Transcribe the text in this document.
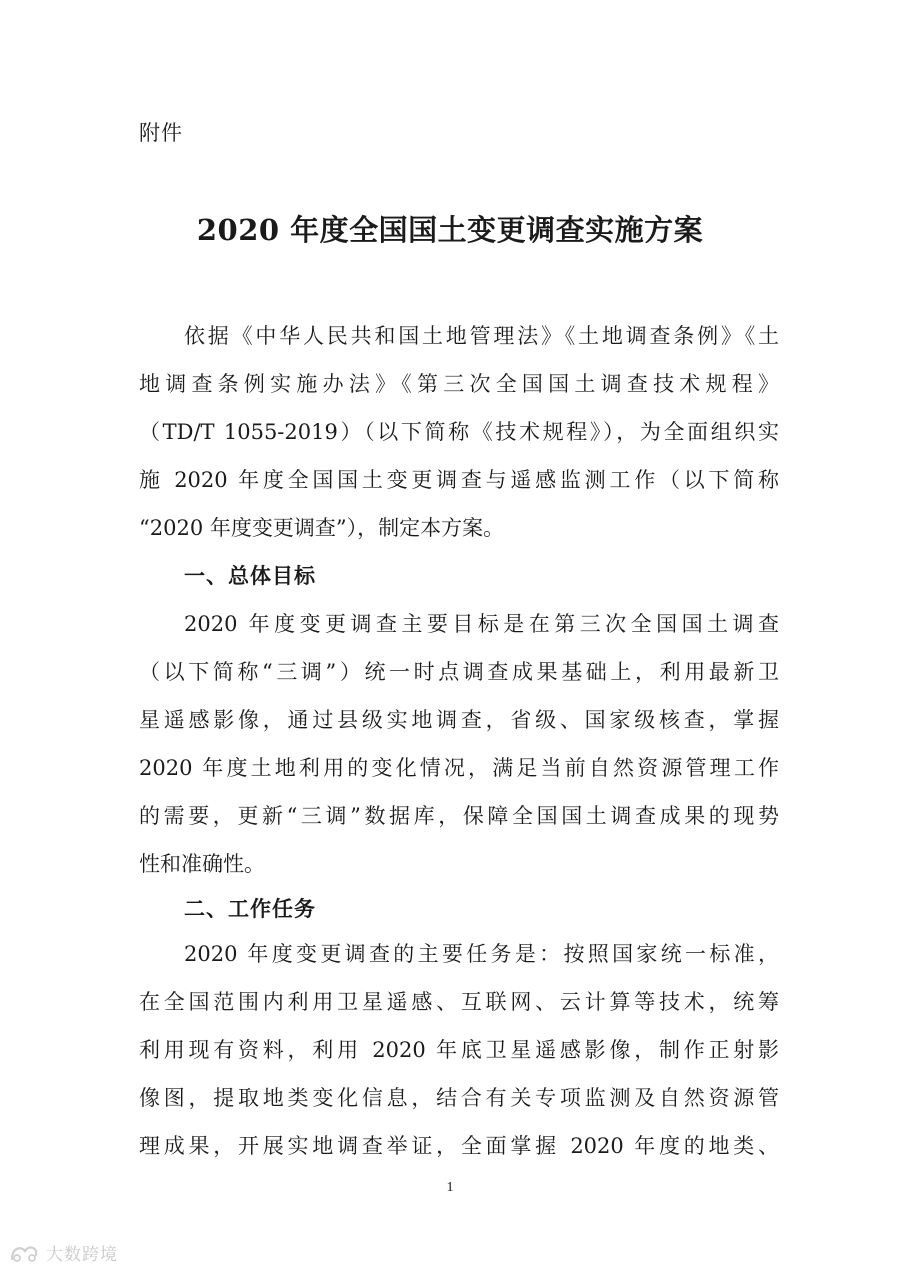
附件
2020 年度全国国土变更调查实施方案
依据《中华人民共和国土地管理法》《土地调查条例》《土
地调查条例实施办法》《第三次全国国土调查技术规程》
（TD/T 1055-2019）（以下简称《技术规程》），为全面组织实
施 2020 年度全国国土变更调查与遥感监测工作（以下简称
“2020 年度变更调查”），制定本方案。
一、总体目标
2020 年度变更调查主要目标是在第三次全国国土调查
（以下简称“三调”）统一时点调查成果基础上，利用最新卫
星遥感影像，通过县级实地调查，省级、国家级核查，掌握
2020 年度土地利用的变化情况，满足当前自然资源管理工作
的需要，更新“三调”数据库，保障全国国土调查成果的现势
性和准确性。
二、工作任务
2020 年度变更调查的主要任务是：按照国家统一标准，
在全国范围内利用卫星遥感、互联网、云计算等技术，统筹
利用现有资料，利用 2020 年底卫星遥感影像，制作正射影
像图，提取地类变化信息，结合有关专项监测及自然资源管
理成果，开展实地调查举证，全面掌握 2020 年度的地类、
1
大数跨境
